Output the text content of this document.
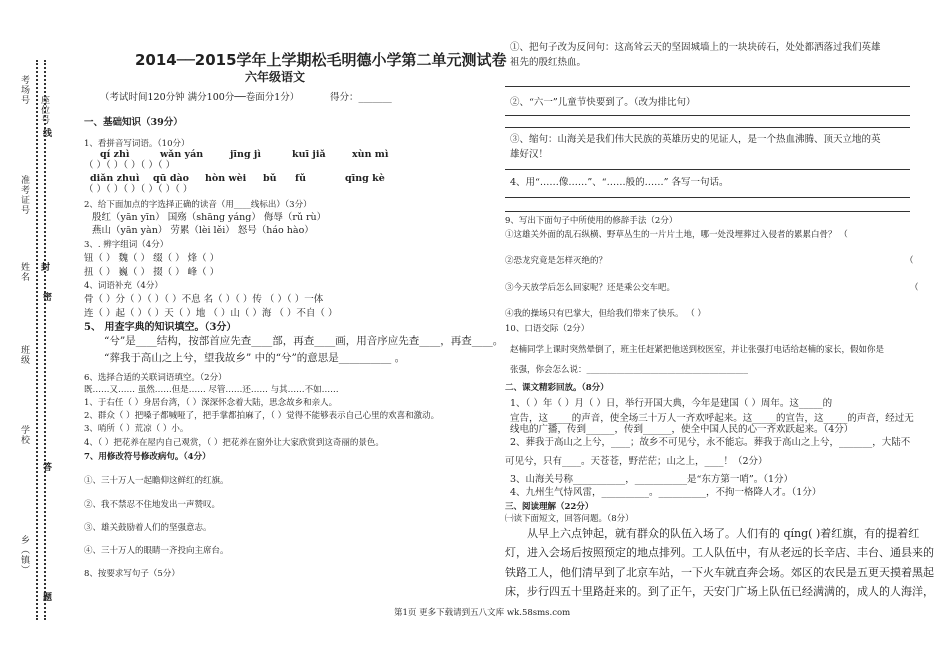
考场号
座位号
线
准考证号
姓名 封
密
班级
学校
答
乡（镇）
题
2014──2015学年上学期松毛明德小学第二单元测试卷
六年级语文
（考试时间120分钟 满分100分──卷面分1分）	得分：_______
一、基础知识（39分）
1、看拼音写词语。（10分）
qí zhì	wǎn yán	jīng jì	kuī jiǎ	xùn mì
（ ）（ ）（ ）（ ）（ ）
diǎn zhuì qū dào hòn wèi bǔ fǔ	qīng kè
（ ）（ ）（ ）（ ）（ ）（ ）
2、给下面加点的字选择正确的读音（用____线标出）（3分）
殷红（yān yīn） 国殇（shāng yáng） 侮辱（rǔ rù）
燕山（yān yàn） 劳累（lèi lěi） 怒号（háo hào）
3、. 辨字组词（4分）
钮（ ） 魏（ ） 缀（ ） 烽（ ）
扭（ ） 巍（ ） 掇（ ） 峰（ ）
4、词语补充（4分）
骨（ ）分（ ）（ ）（ ）不息 名（ ）（ ）传 （ ）（ ）一体
连（ ）起（ ）（ ）天（ ）地 （ ）山（ ）海 （ ）不自（ ）
5、 用查字典的知识填空。（3分）
“兮”是____结构，按部首应先查____部，再查____画，用音序应先查____，再查____。
“葬我于高山之上兮，望我故乡” 中的“兮”的意思是__________ 。
6、选择合适的关联词语填空。（2分）
既……又…… 虽然……但是…… 尽管……还…… 与其……不如……
1、于右任（ ）身居台湾，（ ）深深怀念着大陆，思念故乡和亲人。
2、群众（ ）把嗓子都喊哑了，把手掌都拍麻了，（ ）觉得不能够表示自己心里的欢喜和激动。
3、哨所（ ）荒凉（ ）小。
4、（ ）把花养在屋内自己观赏，（ ）把花养在窗外让大家欣赏到这奇丽的景色。
7、用修改符号修改病句。（4分）
①、三十万人一起瞻仰这鲜红的红旗。
②、我不禁忍不住地发出一声赞叹。
③、雄关鼓励着人们的坚强意志。
④、三十万人的眼睛一齐投向主席台。
8、按要求写句子（5分）
①、把句子改为反问句：这高耸云天的坚固城墙上的一块块砖石，处处都洒落过我们英雄
祖先的殷红热血。
②、“六一”儿童节快要到了。（改为排比句）
③、缩句：山海关是我们伟大民族的英雄历史的见证人，是一个热血沸腾、顶天立地的英
雄好汉！
4、用“……像……”、“……般的……” 各写一句话。
9、写出下面句子中所使用的修辞手法（2分）
①这雄关外面的乱石纵横、野草丛生的一片片土地，哪一处没埋葬过入侵者的累累白骨？ （
②恐龙究竟是怎样灭绝的？	（
③今天放学后怎么回家呢？还是乘公交车吧。	（
④我的操场只有巴掌大，但给我们带来了快乐。 （ ）
10、口语交际（2分）
赵楠同学上课时突然晕倒了，班主任赶紧把他送到校医室，并让张强打电话给赵楠的家长，假如你是
张强，你会怎么说：______________________________________
二、课文精彩回放。（8分）
1、（ ）年（ ）月（ ）日，举行开国大典，今年是建国（ ）周年。这_____的
宣告，这_____的声音，使全场三十万人一齐欢呼起来。这_____的宣告，这_____的声音，经过无
线电的广播，传到______，传到______，使全中国人民的心一齐欢跃起来。（4分）
2、葬我于高山之上兮，____；故乡不可见兮，永不能忘。葬我于高山之上兮，_______，大陆不
可见兮，只有____。天苍苍，野茫茫；山之上，____！（2分）
3、山海关号称___________，___________是“东方第一哨”。（1分）
4、九州生气恃风雷，__________。__________，不拘一格降人才。（1分）
三、阅读理解（22分）
㈠读下面短文，回答问题。（8分）
从早上六点钟起，就有群众的队伍入场了。人们有的 qíng( )着红旗，有的提着红
灯，进入会场后按照预定的地点排列。工人队伍中，有从老远的长辛店、丰台、通县来的
铁路工人，他们清早到了北京车站，一下火车就直奔会场。郊区的农民是五更天摸着黑起
床，步行四五十里路赶来的。到了正午，天安门广场上队伍已经满满的，成人的人海洋，
第1页 更多下载请到五八文库 wk.58sms.com
